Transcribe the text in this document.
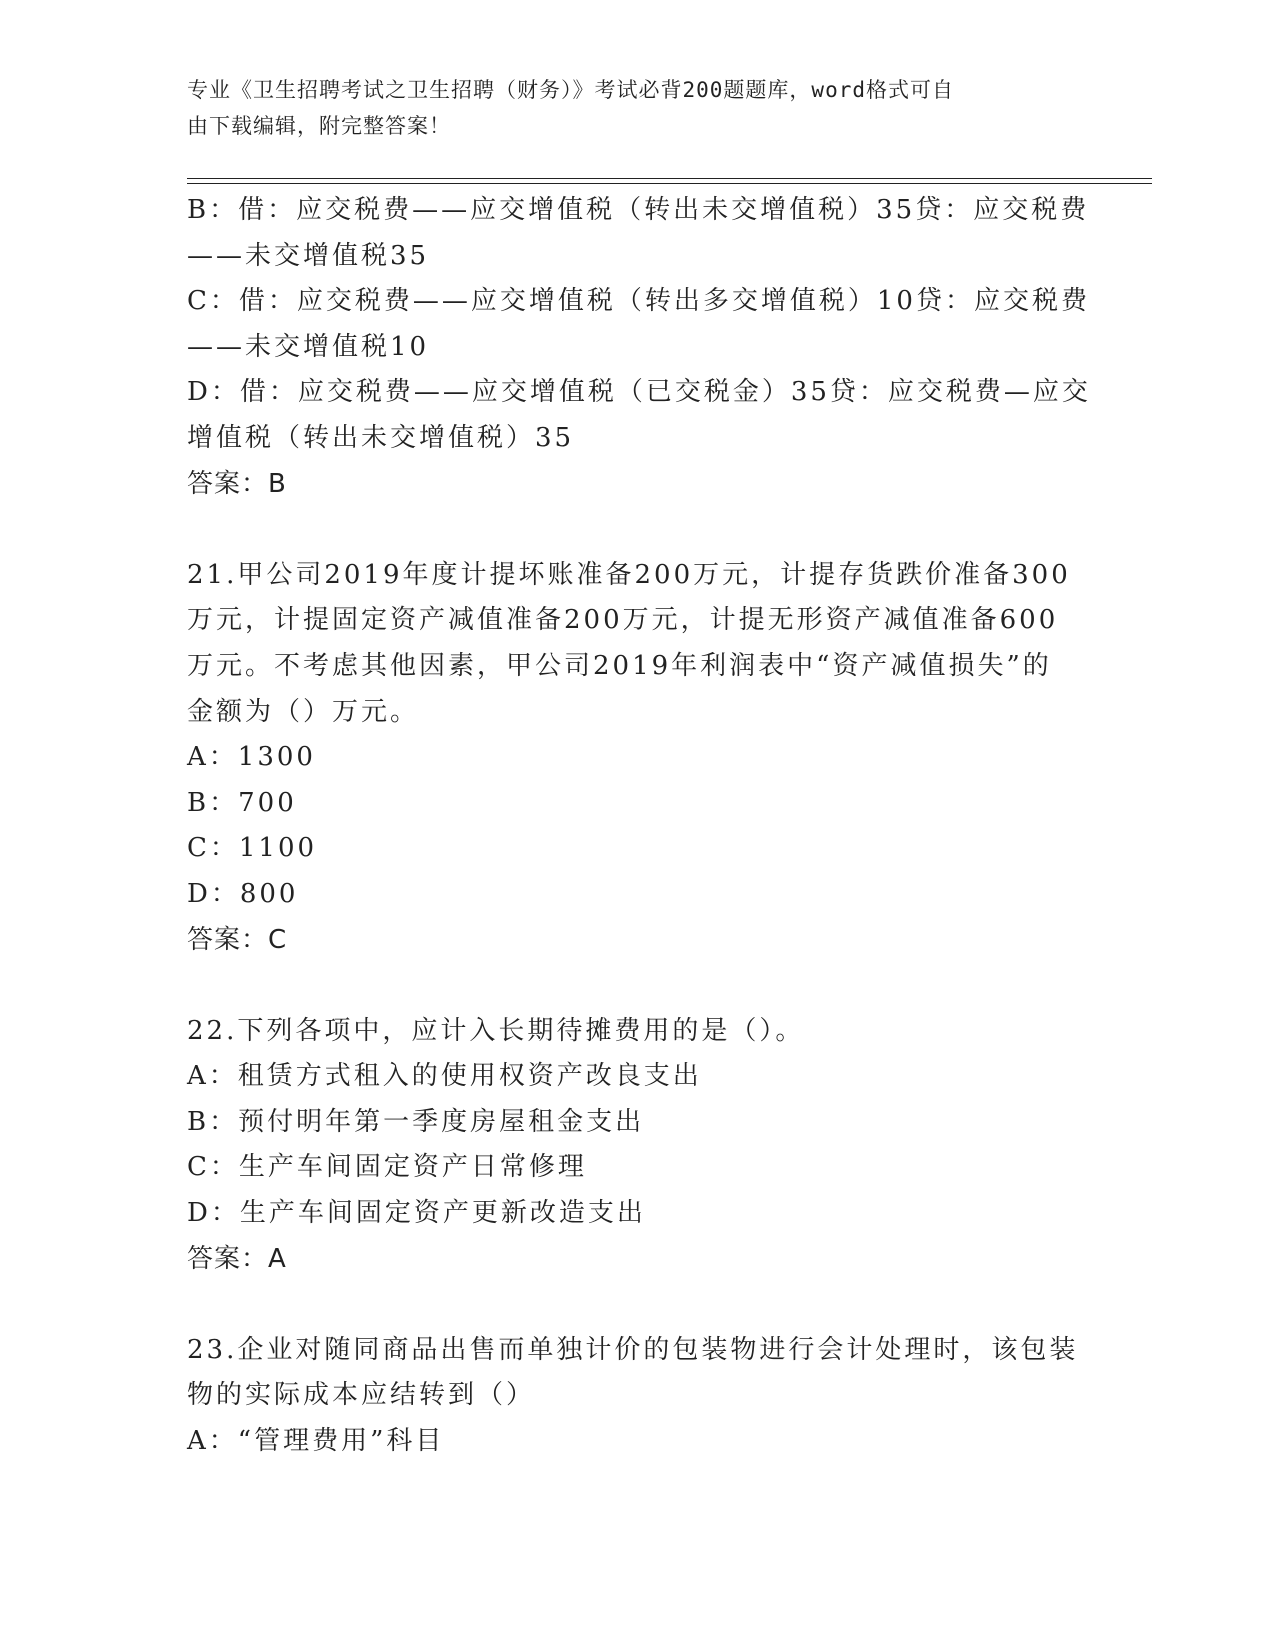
专业《卫生招聘考试之卫生招聘（财务）》考试必背200题题库，word格式可自
由下载编辑，附完整答案！
B：借：应交税费——应交增值税（转出未交增值税）35贷：应交税费
——未交增值税35
C：借：应交税费——应交增值税（转出多交增值税）10贷：应交税费
——未交增值税10
D：借：应交税费——应交增值税（已交税金）35贷：应交税费—应交
增值税（转出未交增值税）35
答案：B
21.甲公司2019年度计提坏账准备200万元，计提存货跌价准备300
万元，计提固定资产减值准备200万元，计提无形资产减值准备600
万元。不考虑其他因素，甲公司2019年利润表中“资产减值损失”的
金额为（）万元。
A：1300
B：700
C：1100
D：800
答案：C
22.下列各项中，应计入长期待摊费用的是（）。
A：租赁方式租入的使用权资产改良支出
B：预付明年第一季度房屋租金支出
C：生产车间固定资产日常修理
D：生产车间固定资产更新改造支出
答案：A
23.企业对随同商品出售而单独计价的包装物进行会计处理时，该包装
物的实际成本应结转到（）
A：“管理费用”科目
